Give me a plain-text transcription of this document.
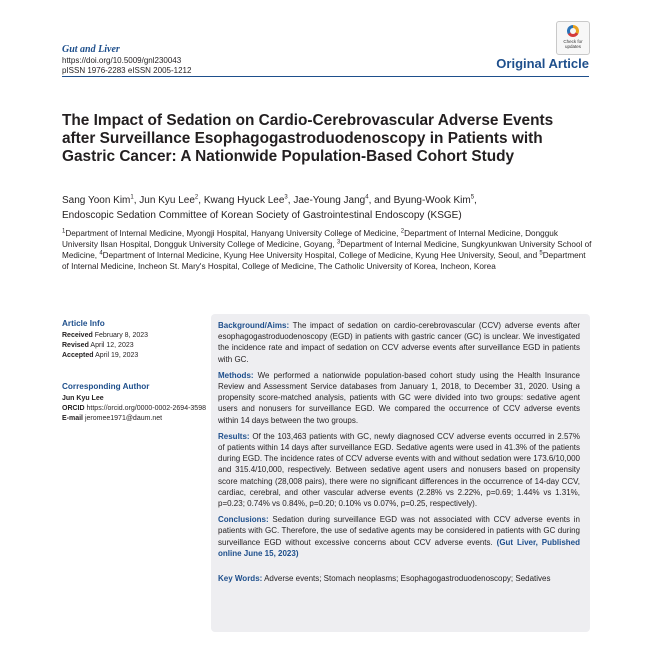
Gut and Liver
https://doi.org/10.5009/gnl230043
pISSN 1976-2283 eISSN 2005-1212
Check for updates
Original Article
The Impact of Sedation on Cardio-Cerebrovascular Adverse Events after Surveillance Esophagogastroduodenoscopy in Patients with Gastric Cancer: A Nationwide Population-Based Cohort Study
Sang Yoon Kim$^1$, Jun Kyu Lee$^2$, Kwang Hyuck Lee$^3$, Jae-Young Jang$^4$, and Byung-Wook Kim$^5$,
Endoscopic Sedation Committee of Korean Society of Gastrointestinal Endoscopy (KSGE)
$^1$Department of Internal Medicine, Myongji Hospital, Hanyang University College of Medicine, $^2$Department of Internal Medicine, Dongguk University Ilsan Hospital, Dongguk University College of Medicine, Goyang, $^3$Department of Internal Medicine, Sungkyunkwan University School of Medicine, $^4$Department of Internal Medicine, Kyung Hee University Hospital, College of Medicine, Kyung Hee University, Seoul, and $^5$Department of Internal Medicine, Incheon St. Mary's Hospital, College of Medicine, The Catholic University of Korea, Incheon, Korea
Article Info
Received February 8, 2023
Revised April 12, 2023
Accepted April 19, 2023
Corresponding Author
Jun Kyu Lee
ORCID https://orcid.org/0000-0002-2694-3598
E-mail jeromee1971@daum.net

Background/Aims: The impact of sedation on cardio-cerebrovascular (CCV) adverse events after esophagogastroduodenoscopy (EGD) in patients with gastric cancer (GC) is unclear. We investigated the incidence rate and impact of sedation on CCV adverse events after surveillance EGD in patients with GC.

Methods: We performed a nationwide population-based cohort study using the Health Insurance Review and Assessment Service databases from January 1, 2018, to December 31, 2020. Using a propensity score-matched analysis, patients with GC were divided into two groups: sedative agent users and nonusers for surveillance EGD. We compared the occurrence of CCV adverse events within 14 days between the two groups.

Results: Of the 103,463 patients with GC, newly diagnosed CCV adverse events occurred in 2.57% of patients within 14 days after surveillance EGD. Sedative agents were used in 41.3% of the patients during EGD. The incidence rates of CCV adverse events with and without sedation were 173.6/10,000 and 315.4/10,000, respectively. Between sedative agent users and nonusers based on propensity score matching (28,008 pairs), there were no significant differences in the occurrence of 14-day CCV, cardiac, cerebral, and other vascular adverse events (2.28% vs 2.22%, p=0.69; 1.44% vs 1.31%, p=0.23; 0.74% vs 0.84%, p=0.20; 0.10% vs 0.07%, p=0.25, respectively).

Conclusions: Sedation during surveillance EGD was not associated with CCV adverse events in patients with GC. Therefore, the use of sedative agents may be considered in patients with GC during surveillance EGD without excessive concerns about CCV adverse events. (Gut Liver, Published online June 15, 2023)

Key Words: Adverse events; Stomach neoplasms; Esophagogastroduodenoscopy; Sedatives
